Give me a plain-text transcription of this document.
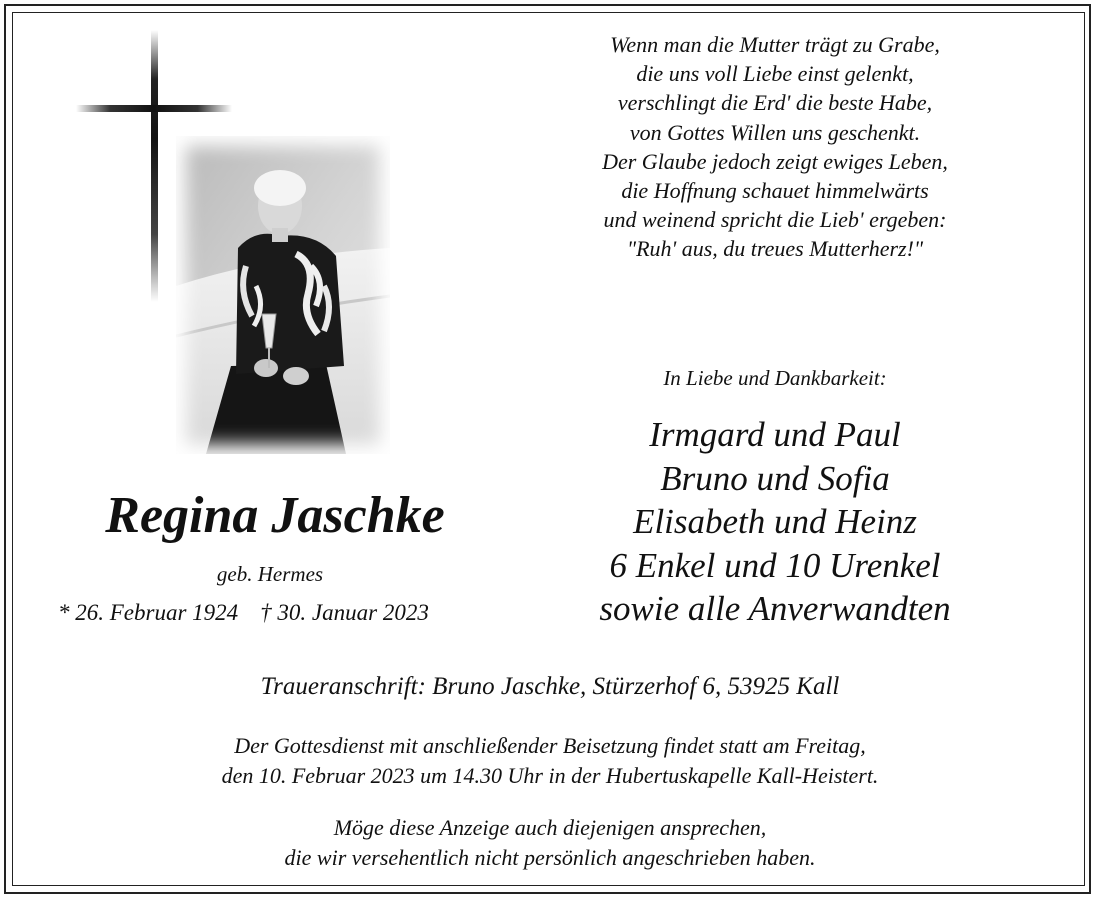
Wenn man die Mutter trägt zu Grabe,
die uns voll Liebe einst gelenkt,
verschlingt die Erd' die beste Habe,
von Gottes Willen uns geschenkt.
Der Glaube jedoch zeigt ewiges Leben,
die Hoffnung schauet himmelwärts
und weinend spricht die Lieb' ergeben:
"Ruh' aus, du treues Mutterherz!"
In Liebe und Dankbarkeit:
Irmgard und Paul
Bruno und Sofia
Elisabeth und Heinz
6 Enkel und 10 Urenkel
sowie alle Anverwandten
Regina Jaschke
geb. Hermes
* 26. Februar 1924 † 30. Januar 2023
Traueranschrift: Bruno Jaschke, Stürzerhof 6, 53925 Kall
Der Gottesdienst mit anschließender Beisetzung findet statt am Freitag,
den 10. Februar 2023 um 14.30 Uhr in der Hubertuskapelle Kall-Heistert.
Möge diese Anzeige auch diejenigen ansprechen,
die wir versehentlich nicht persönlich angeschrieben haben.
